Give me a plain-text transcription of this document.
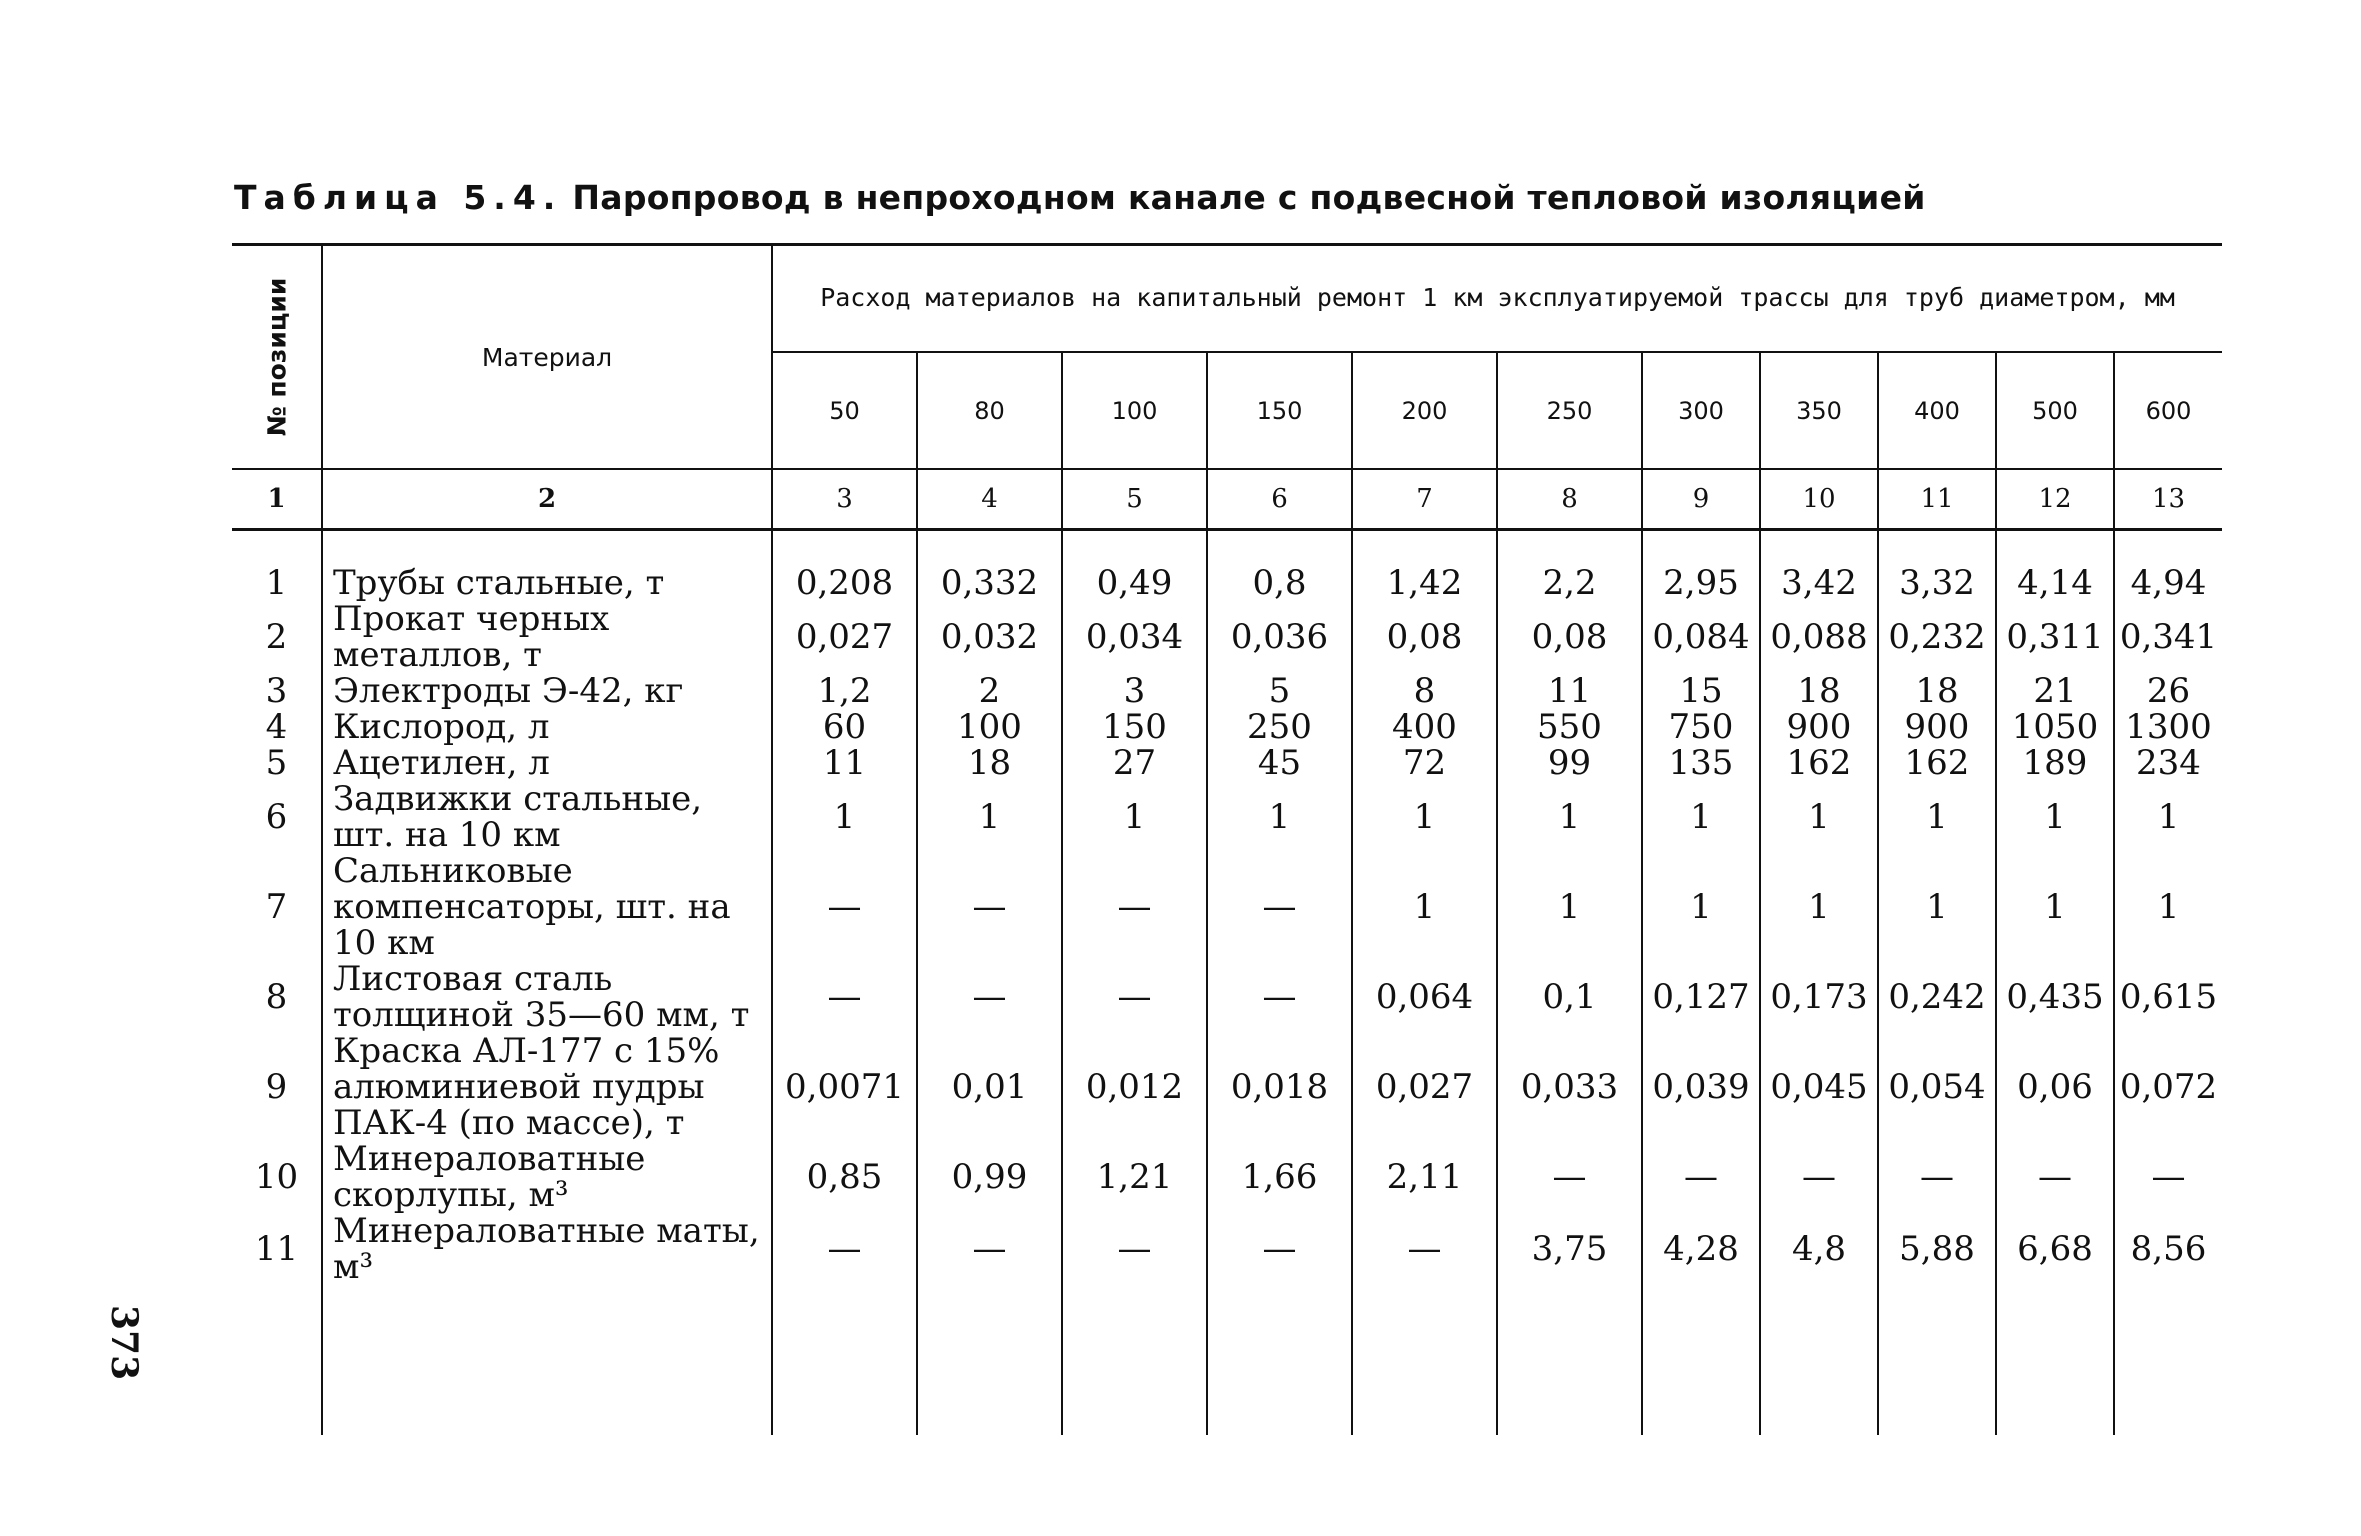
Таблица 5.4. Паропровод в непроходном канале с подвесной тепловой изоляцией
№ позиции	Материал	Расход материалов на капитальный ремонт 1 км эксплуатируемой трассы для труб диаметром, мм										
		50	80	100	150	200	250	300	350	400	500	600
1	2	3	4	5	6	7	8	9	10	11	12	13
1	Трубы стальные, т	0,208	0,332	0,49	0,8	1,42	2,2	2,95	3,42	3,32	4,14	4,94
2	Прокат черных металлов, т	0,027	0,032	0,034	0,036	0,08	0,08	0,084	0,088	0,232	0,311	0,341
3	Электроды Э-42, кг	1,2	2	3	5	8	11	15	18	18	21	26
4	Кислород, л	60	100	150	250	400	550	750	900	900	1050	1300
5	Ацетилен, л	11	18	27	45	72	99	135	162	162	189	234
6	Задвижки стальные, шт. на 10 км	1	1	1	1	1	1	1	1	1	1	1
7	Сальниковые компенсаторы, шт. на 10 км	—	—	—	—	1	1	1	1	1	1	1
8	Листовая сталь толщиной 35—60 мм, т	—	—	—	—	0,064	0,1	0,127	0,173	0,242	0,435	0,615
9	Краска АЛ-177 с 15% алюминиевой пудры ПАК-4 (по массе), т	0,0071	0,01	0,012	0,018	0,027	0,033	0,039	0,045	0,054	0,06	0,072
10	Минераловатные скорлупы, м³	0,85	0,99	1,21	1,66	2,11	—	—	—	—	—	—
11	Минераловатные маты, м³	—	—	—	—	—	3,75	4,28	4,8	5,88	6,68	8,56

373
